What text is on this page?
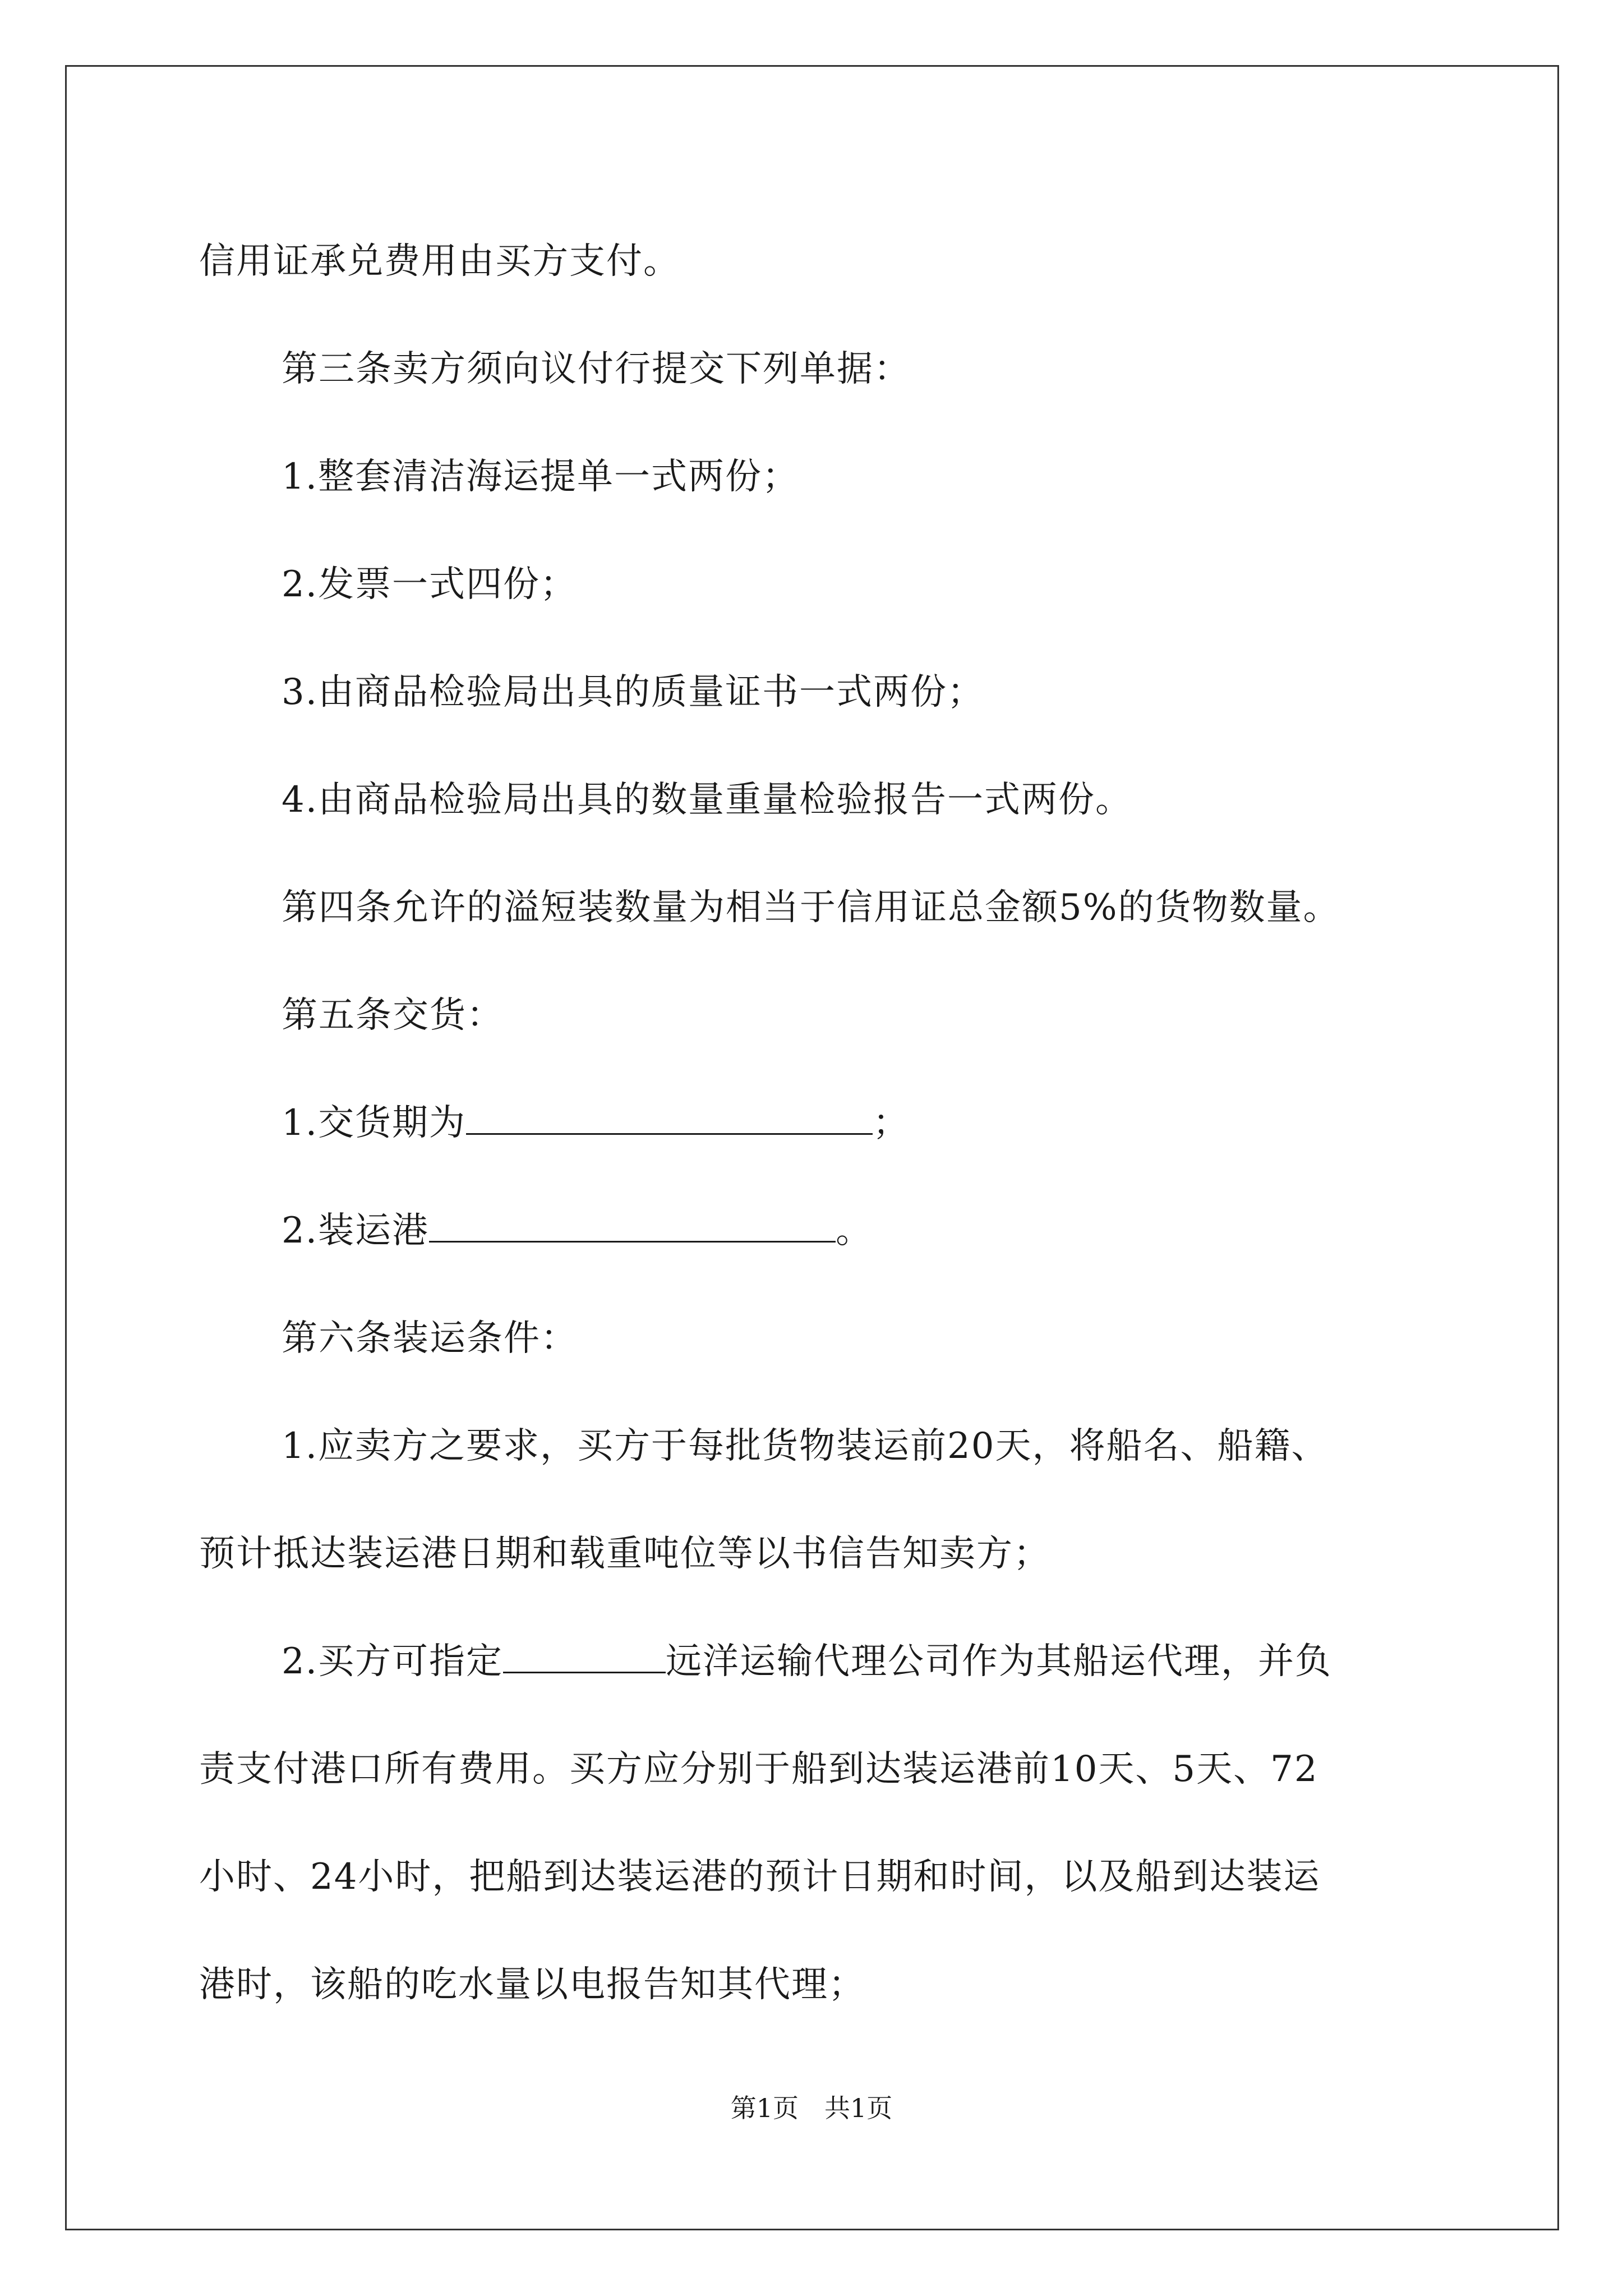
信用证承兑费用由买方支付。

第三条卖方须向议付行提交下列单据：

1.整套清洁海运提单一式两份；

2.发票一式四份；

3.由商品检验局出具的质量证书一式两份；

4.由商品检验局出具的数量重量检验报告一式两份。

第四条允许的溢短装数量为相当于信用证总金额5%的货物数量。

第五条交货：

1.交货期为	；

2.装运港	。

第六条装运条件：

1.应卖方之要求，买方于每批货物装运前20天，将船名、船籍、

预计抵达装运港日期和载重吨位等以书信告知卖方；

2.买方可指定	远洋运输代理公司作为其船运代理，并负

责支付港口所有费用。买方应分别于船到达装运港前10天、5天、72

小时、24小时，把船到达装运港的预计日期和时间，以及船到达装运

港时，该船的吃水量以电报告知其代理；

第1页　共1页
